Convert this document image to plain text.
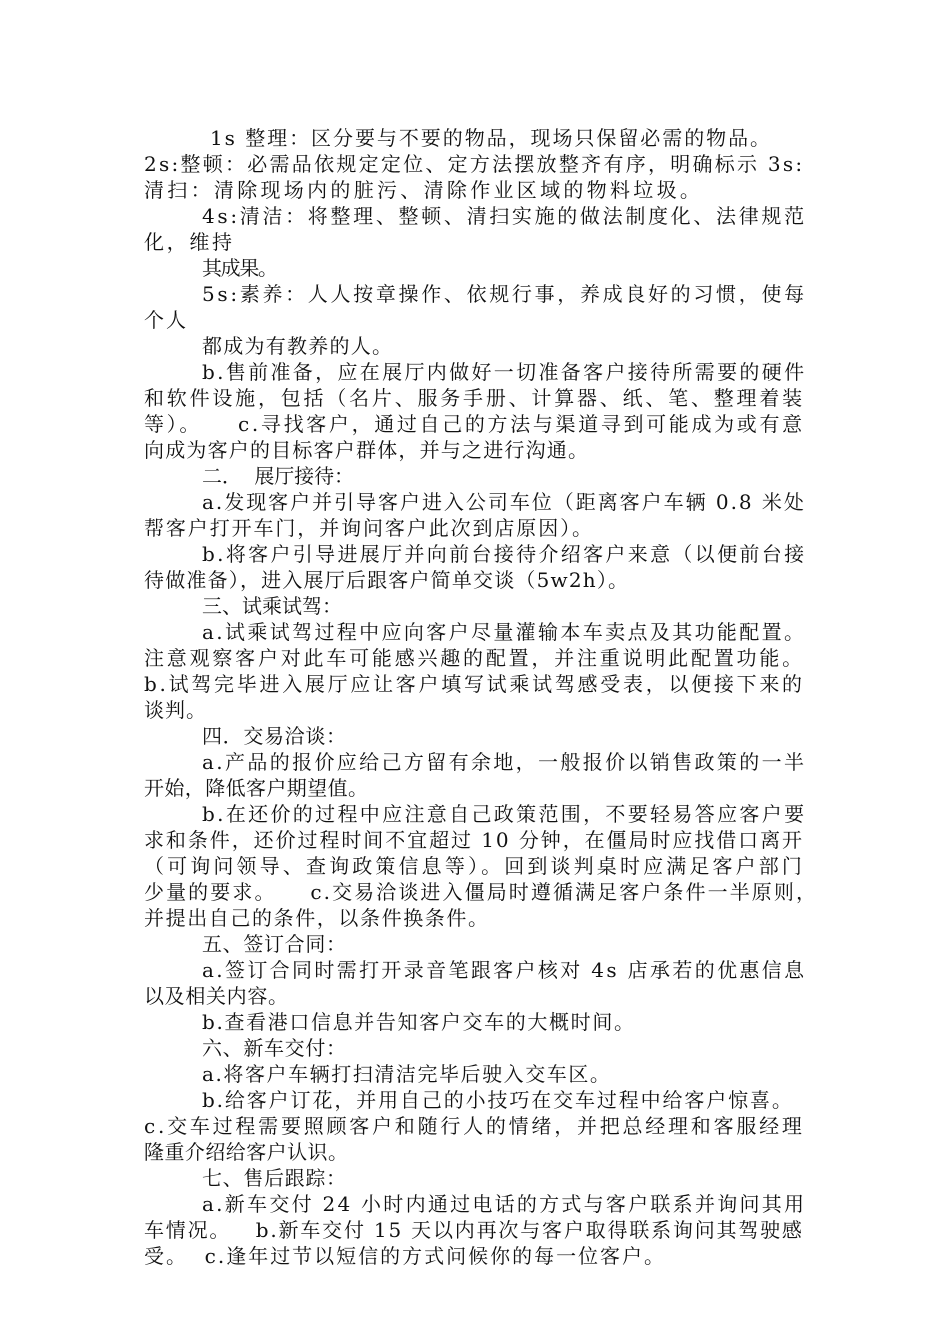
1s 整理：区分要与不要的物品，现场只保留必需的物品。

2s:整顿：必需品依规定定位、定方法摆放整齐有序，明确标示 3s:

清扫：清除现场内的脏污、清除作业区域的物料垃圾。

4s:清洁：将整理、整顿、清扫实施的做法制度化、法律规范

化，维持

其成果。

5s:素养：人人按章操作、依规行事，养成良好的习惯，使每

个人

都成为有教养的人。

b.售前准备，应在展厅内做好一切准备客户接待所需要的硬件

和软件设施，包括（名片、服务手册、计算器、纸、笔、整理着装

等）。    c.寻找客户，通过自己的方法与渠道寻到可能成为或有意

向成为客户的目标客户群体，并与之进行沟通。

二．  展厅接待：

a.发现客户并引导客户进入公司车位（距离客户车辆 0.8 米处

帮客户打开车门，并询问客户此次到店原因）。

b.将客户引导进展厅并向前台接待介绍客户来意（以便前台接

待做准备），进入展厅后跟客户简单交谈（5w2h）。

三、试乘试驾：

a.试乘试驾过程中应向客户尽量灌输本车卖点及其功能配置。

注意观察客户对此车可能感兴趣的配置，并注重说明此配置功能。

b.试驾完毕进入展厅应让客户填写试乘试驾感受表，以便接下来的

谈判。

四．交易洽谈：

a.产品的报价应给己方留有余地，一般报价以销售政策的一半

开始，降低客户期望值。

b.在还价的过程中应注意自己政策范围，不要轻易答应客户要

求和条件，还价过程时间不宜超过 10 分钟，在僵局时应找借口离开

（可询问领导、查询政策信息等）。回到谈判桌时应满足客户部门

少量的要求。    c.交易洽谈进入僵局时遵循满足客户条件一半原则，

并提出自己的条件，以条件换条件。

五、签订合同：

a.签订合同时需打开录音笔跟客户核对 4s 店承若的优惠信息

以及相关内容。

b.查看港口信息并告知客户交车的大概时间。

六、新车交付：

a.将客户车辆打扫清洁完毕后驶入交车区。

b.给客户订花，并用自己的小技巧在交车过程中给客户惊喜。

c.交车过程需要照顾客户和随行人的情绪，并把总经理和客服经理

隆重介绍给客户认识。

七、售后跟踪：

a.新车交付 24 小时内通过电话的方式与客户联系并询问其用

车情况。   b.新车交付 15 天以内再次与客户取得联系询问其驾驶感

受。  c.逢年过节以短信的方式问候你的每一位客户。
